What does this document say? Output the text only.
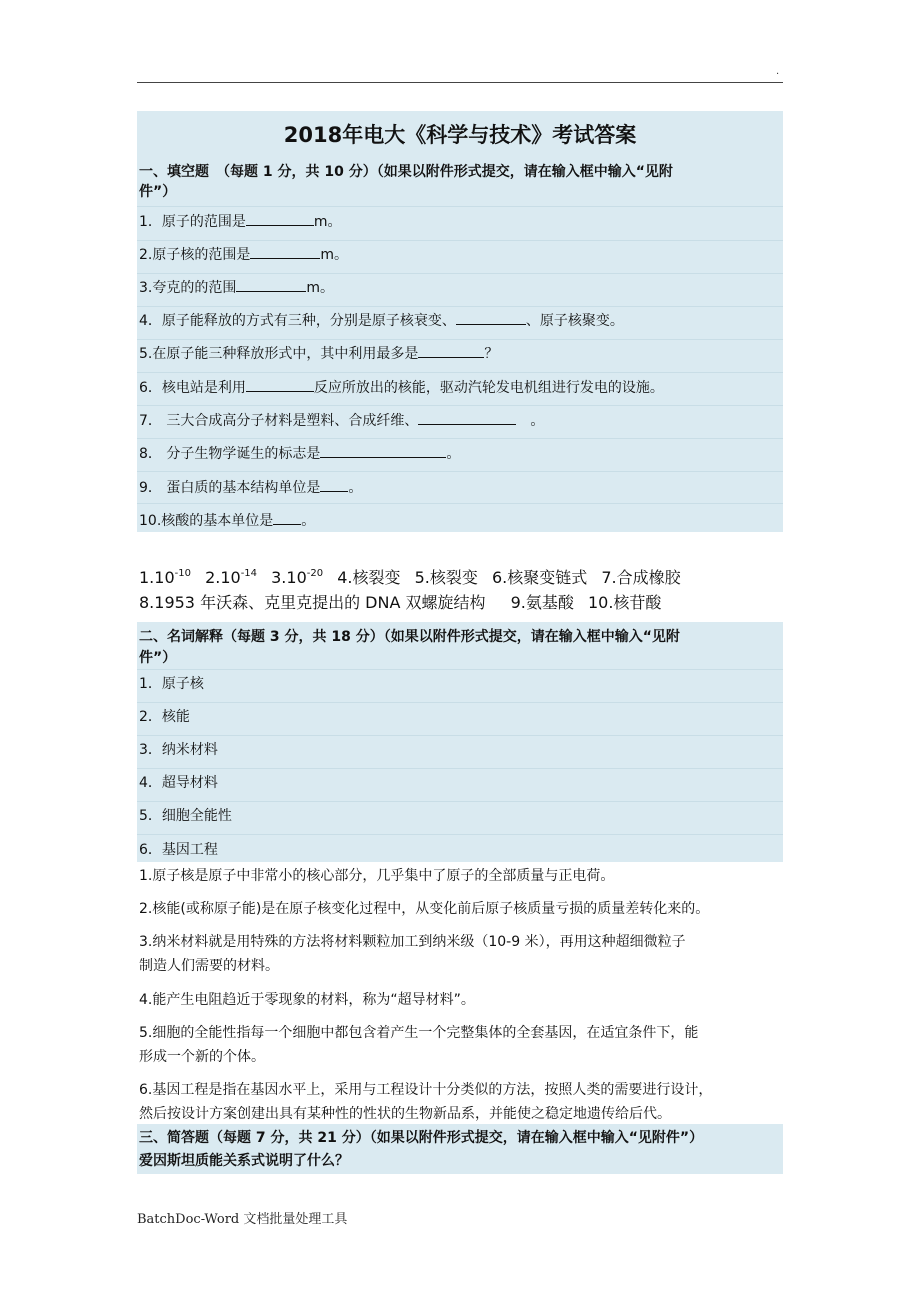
.
2018年电大《科学与技术》考试答案
一、填空题　（每题 1 分，共 10 分）（如果以附件形式提交，请在输入框中输入“见附
件”）
1．原子的范围是	m。
2.原子核的范围是	m。
3.夸克的的范围	m。
4．原子能释放的方式有三种，分别是原子核衰变、	、原子核聚变。
5.在原子能三种释放形式中，其中利用最多是	？
6．核电站是利用	反应所放出的核能，驱动汽轮发电机组进行发电的设施。
7． 三大合成高分子材料是塑料、合成纤维、	　。
8． 分子生物学诞生的标志是	。
9． 蛋白质的基本结构单位是 。
10.核酸的基本单位是 。
$1.10^{-10}$ $2.10^{-14}$ $3.10^{-20}$ 4.核裂变 5.核裂变 6.核聚变链式 7.合成橡胶
8.1953 年沃森、克里克提出的 DNA 双螺旋结构 9.氨基酸 10.核苷酸
二、名词解释（每题 3 分，共 18 分）（如果以附件形式提交，请在输入框中输入“见附
件”）
1．原子核
2．核能
3．纳米材料
4．超导材料
5．细胞全能性
6．基因工程
1.原子核是原子中非常小的核心部分，几乎集中了原子的全部质量与正电荷。
2.核能(或称原子能)是在原子核变化过程中，从变化前后原子核质量亏损的质量差转化来的。
3.纳米材料就是用特殊的方法将材料颗粒加工到纳米级（10-9 米），再用这种超细微粒子
制造人们需要的材料。
4.能产生电阻趋近于零现象的材料，称为“超导材料”。
5.细胞的全能性指每一个细胞中都包含着产生一个完整集体的全套基因，在适宜条件下，能
形成一个新的个体。
6.基因工程是指在基因水平上，采用与工程设计十分类似的方法，按照人类的需要进行设计，
然后按设计方案创建出具有某种性的性状的生物新品系，并能使之稳定地遗传给后代。
三、简答题（每题 7 分，共 21 分）（如果以附件形式提交，请在输入框中输入“见附件”）
爱因斯坦质能关系式说明了什么？
BatchDoc-Word 文档批量处理工具
